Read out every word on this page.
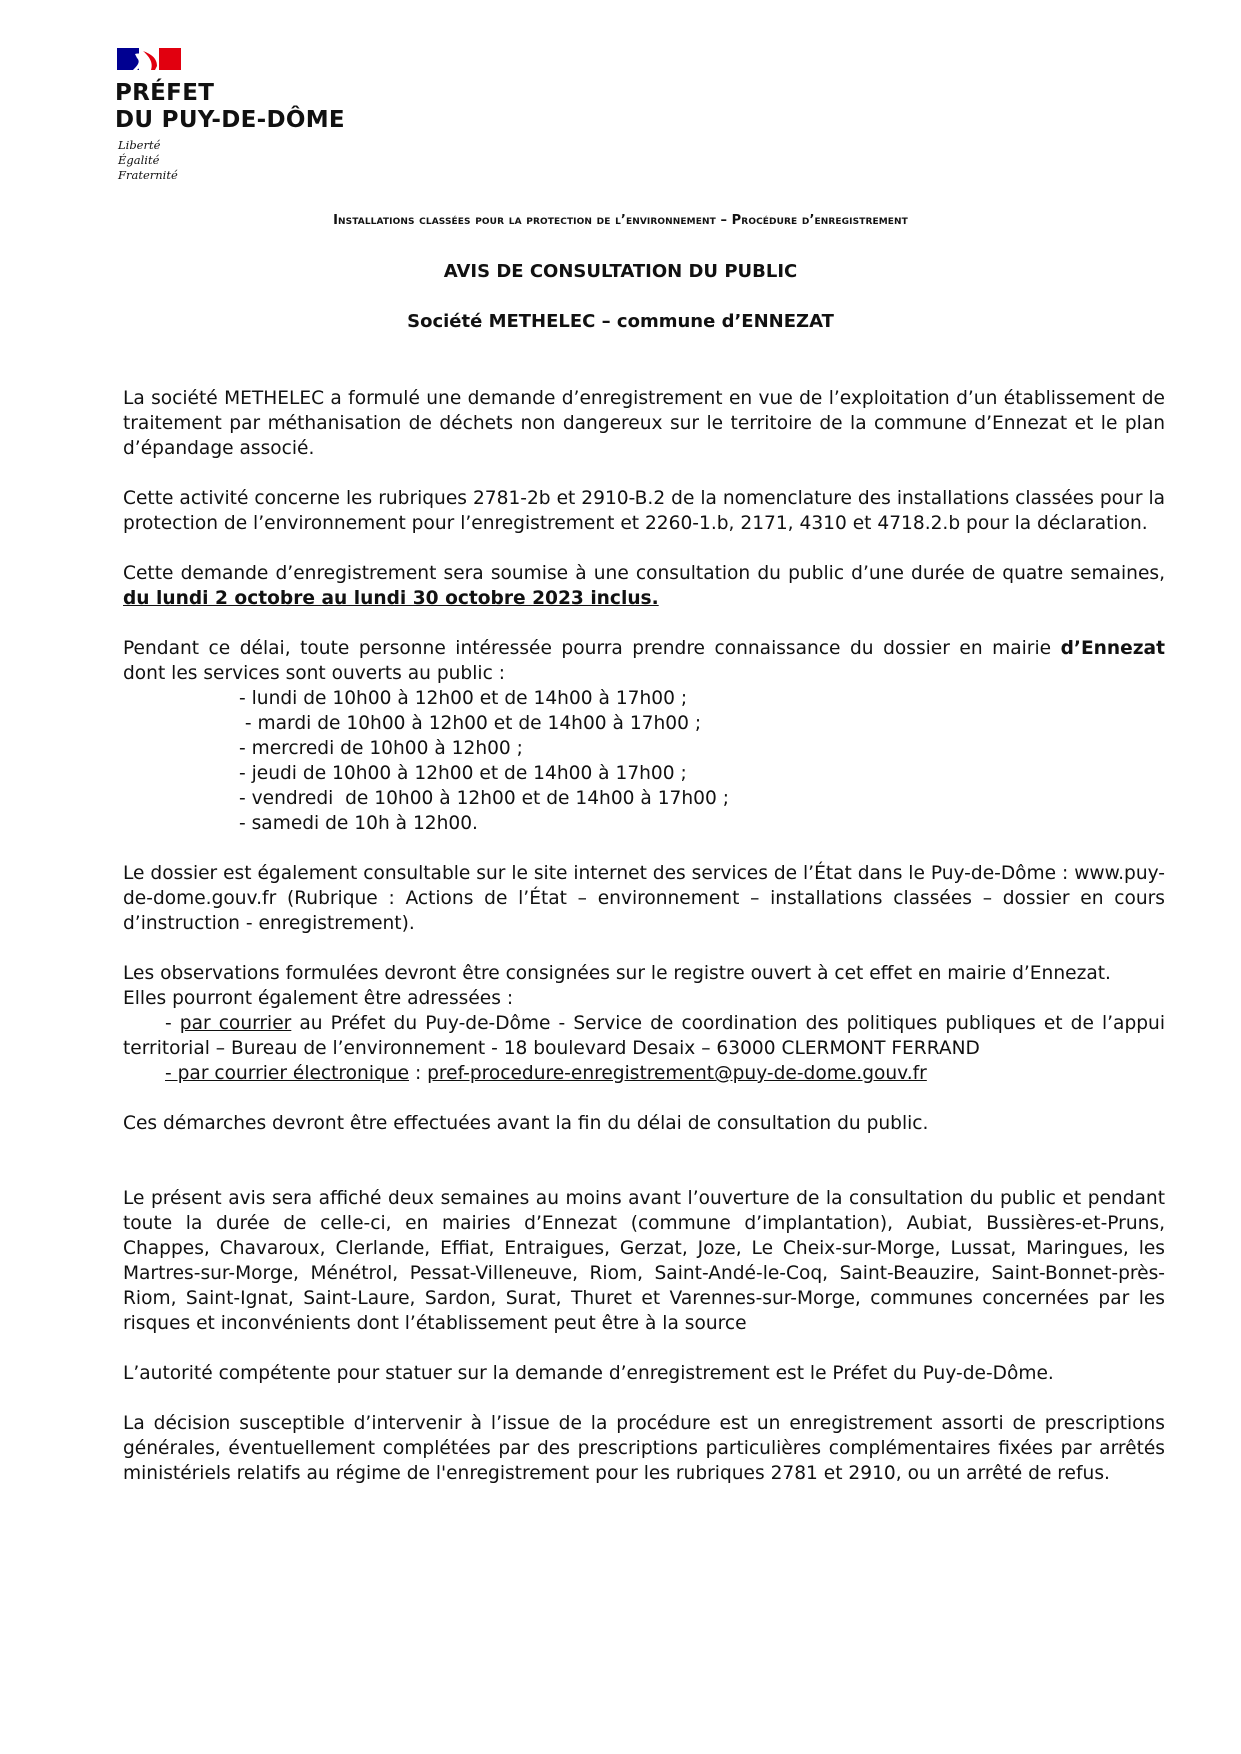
PRÉFET
DU PUY-DE-DÔME
Liberté
Égalité
Fraternité
Installations classées pour la protection de l’environnement – Procédure d’enregistrement
AVIS DE CONSULTATION DU PUBLIC
Société METHELEC – commune d’ENNEZAT

La société METHELEC a formulé une demande d’enregistrement en vue de l’exploitation d’un établissement de traitement par méthanisation de déchets non dangereux sur le territoire de la commune d’Ennezat et le plan d’épandage associé.

Cette activité concerne les rubriques 2781-2b et 2910-B.2 de la nomenclature des installations classées pour la protection de l’environnement pour l’enregistrement et 2260-1.b, 2171, 4310 et 4718.2.b pour la déclaration.

Cette demande d’enregistrement sera soumise à une consultation du public d’une durée de quatre semaines, du lundi 2 octobre au lundi 30 octobre 2023 inclus.

Pendant ce délai, toute personne intéressée pourra prendre connaissance du dossier en mairie d’Ennezat dont les services sont ouverts au public :

- lundi de 10h00 à 12h00 et de 14h00 à 17h00 ;
- mardi de 10h00 à 12h00 et de 14h00 à 17h00 ;
- mercredi de 10h00 à 12h00 ;
- jeudi de 10h00 à 12h00 et de 14h00 à 17h00 ;
- vendredi  de 10h00 à 12h00 et de 14h00 à 17h00 ;
- samedi de 10h à 12h00.

Le dossier est également consultable sur le site internet des services de l’État dans le Puy-de-Dôme : www.puy-de-dome.gouv.fr (Rubrique : Actions de l’État – environnement – installations classées – dossier en cours d’instruction - enregistrement).

Les observations formulées devront être consignées sur le registre ouvert à cet effet en mairie d’Ennezat.

Elles pourront également être adressées :

- par courrier au Préfet du Puy-de-Dôme - Service de coordination des politiques publiques et de l’appui territorial – Bureau de l’environnement - 18 boulevard Desaix – 63000 CLERMONT FERRAND

- par courrier électronique : pref-procedure-enregistrement@puy-de-dome.gouv.fr

Ces démarches devront être effectuées avant la fin du délai de consultation du public.

Le présent avis sera affiché deux semaines au moins avant l’ouverture de la consultation du public et pendant toute la durée de celle-ci, en mairies d’Ennezat (commune d’implantation), Aubiat, Bussières-et-Pruns, Chappes, Chavaroux, Clerlande, Effiat, Entraigues, Gerzat, Joze, Le Cheix-sur-Morge, Lussat, Maringues, les Martres-sur-Morge, Ménétrol, Pessat-Villeneuve, Riom, Saint-Andé-le-Coq, Saint-Beauzire, Saint-Bonnet-près-Riom, Saint-Ignat, Saint-Laure, Sardon, Surat, Thuret et Varennes-sur-Morge, communes concernées par les risques et inconvénients dont l’établissement peut être à la source

L’autorité compétente pour statuer sur la demande d’enregistrement est le Préfet du Puy-de-Dôme.

La décision susceptible d’intervenir à l’issue de la procédure est un enregistrement assorti de prescriptions générales, éventuellement complétées par des prescriptions particulières complémentaires fixées par arrêtés ministériels relatifs au régime de l'enregistrement pour les rubriques 2781 et 2910, ou un arrêté de refus.
